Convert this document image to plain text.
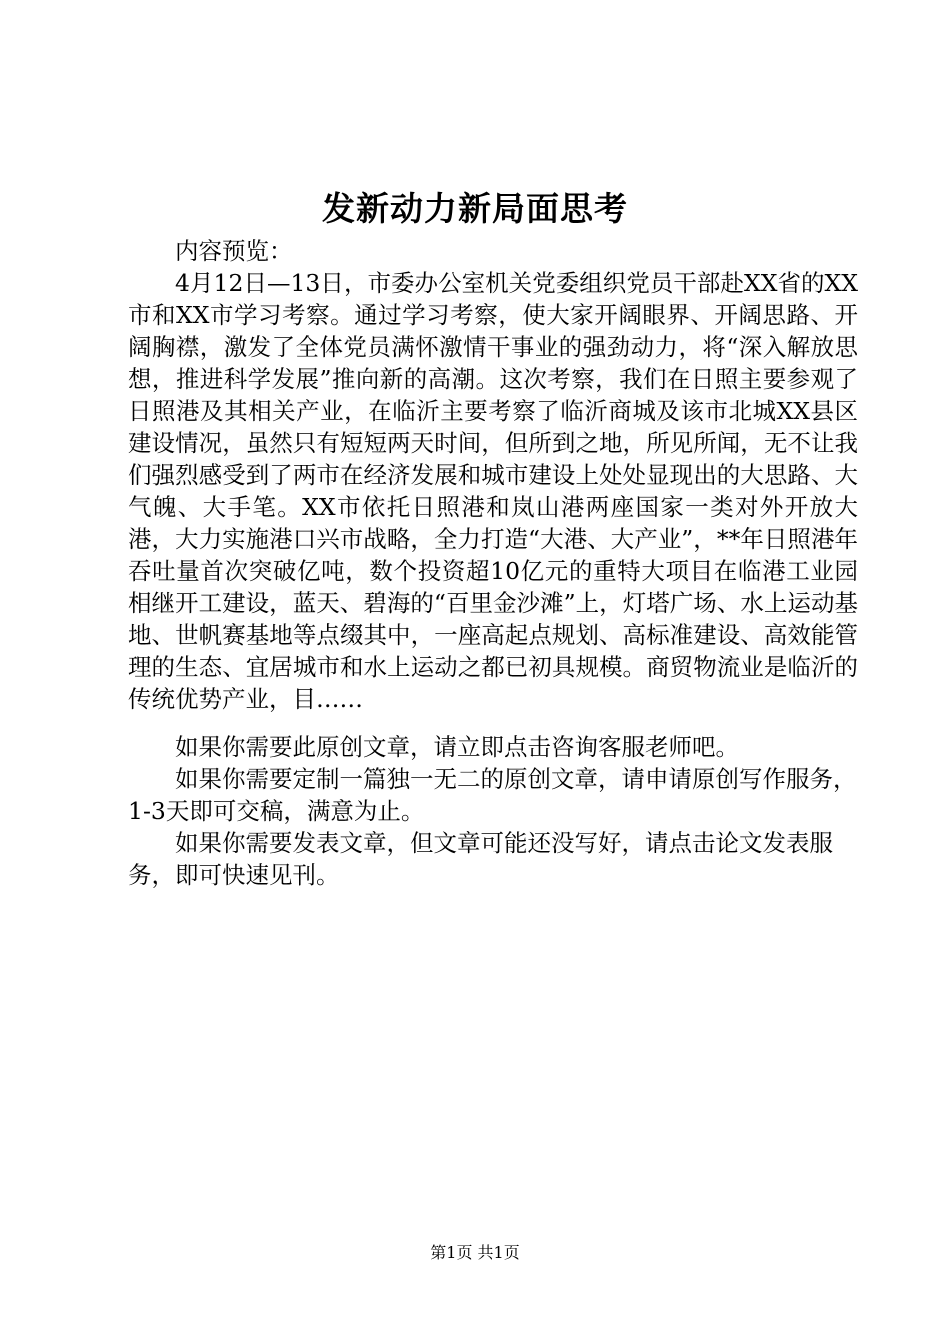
发新动力新局面思考

内容预览：

4月12日—13日，市委办公室机关党委组织党员干部赴XX省的XX市和XX市学习考察。通过学习考察，使大家开阔眼界、开阔思路、开阔胸襟，激发了全体党员满怀激情干事业的强劲动力，将“深入解放思想，推进科学发展”推向新的高潮。这次考察，我们在日照主要参观了日照港及其相关产业，在临沂主要考察了临沂商城及该市北城XX县区建设情况，虽然只有短短两天时间，但所到之地，所见所闻，无不让我们强烈感受到了两市在经济发展和城市建设上处处显现出的大思路、大气魄、大手笔。XX市依托日照港和岚山港两座国家一类对外开放大港，大力实施港口兴市战略，全力打造“大港、大产业”，**年日照港年吞吐量首次突破亿吨，数个投资超10亿元的重特大项目在临港工业园相继开工建设，蓝天、碧海的“百里金沙滩”上，灯塔广场、水上运动基地、世帆赛基地等点缀其中，一座高起点规划、高标准建设、高效能管理的生态、宜居城市和水上运动之都已初具规模。商贸物流业是临沂的传统优势产业，目……

如果你需要此原创文章，请立即点击咨询客服老师吧。

如果你需要定制一篇独一无二的原创文章，请申请原创写作服务，1-3天即可交稿，满意为止。

如果你需要发表文章，但文章可能还没写好，请点击论文发表服务，即可快速见刊。

第1页 共1页
